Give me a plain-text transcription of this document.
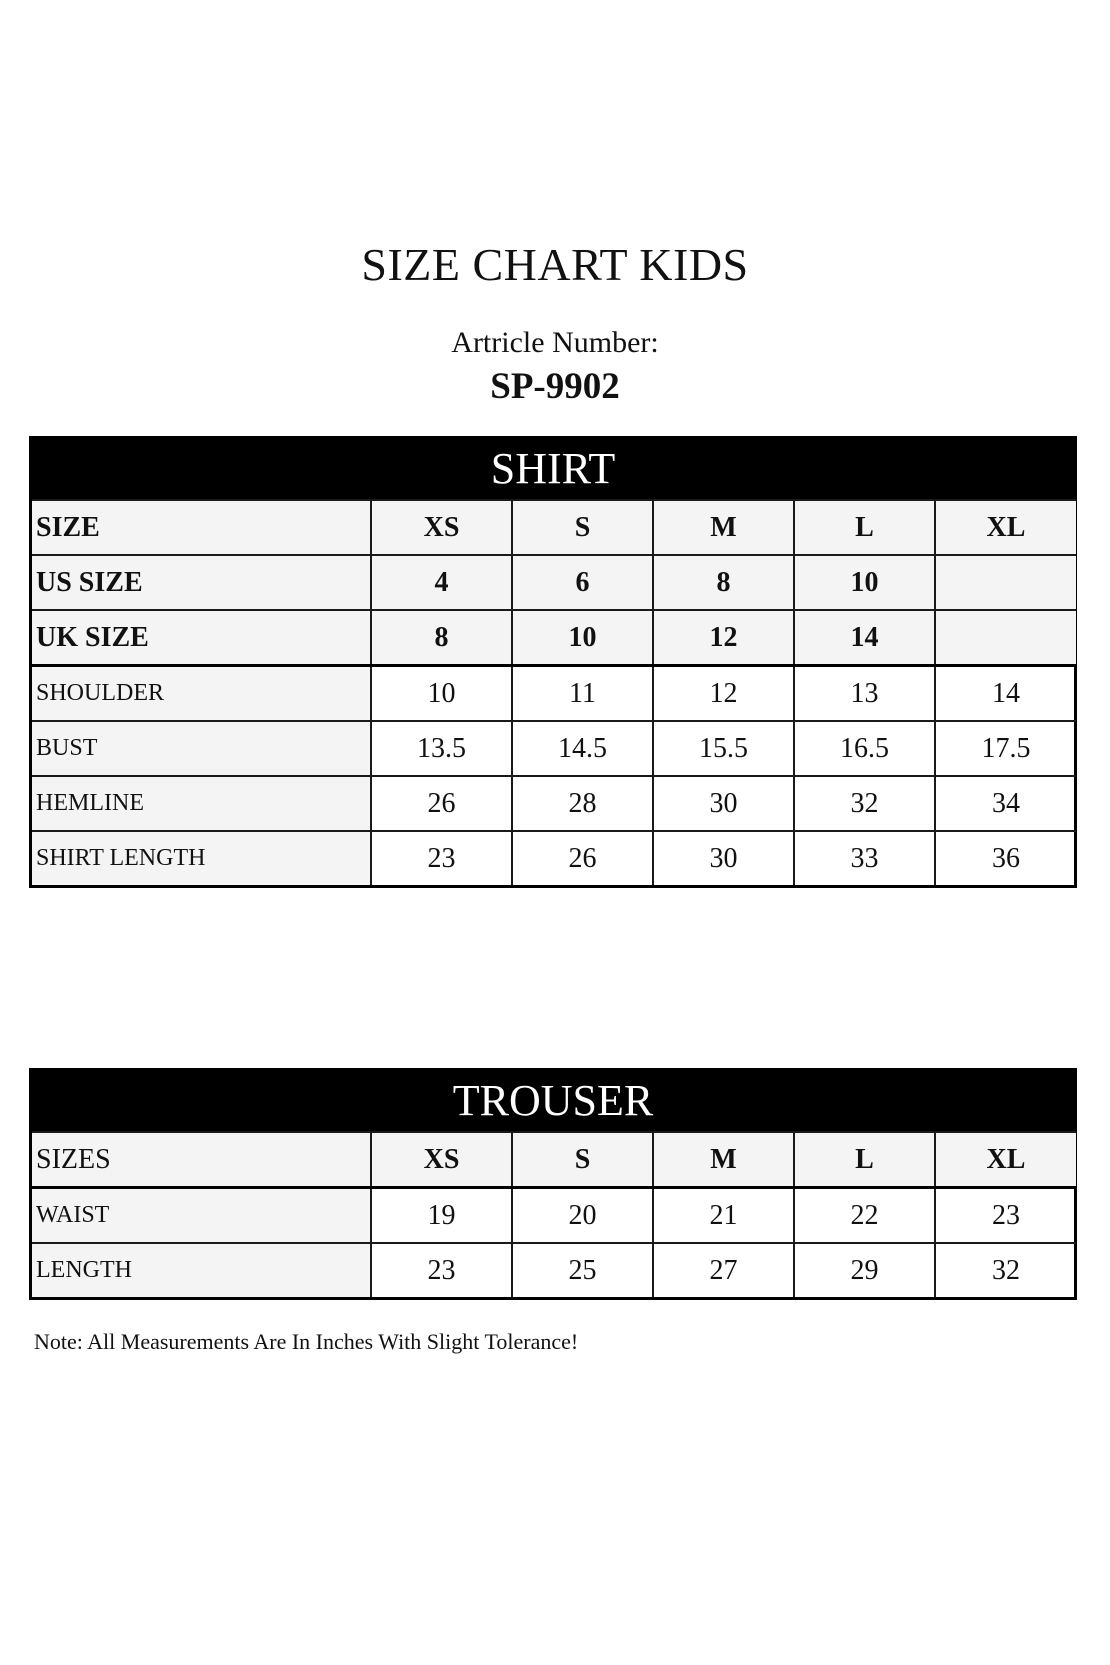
SIZE CHART KIDS
Artricle Number:
SP-9902
SHIRT
SIZE	XS	S	M	L	XL
US SIZE	4	6	8	10	
UK SIZE	8	10	12	14	
SHOULDER	10	11	12	13	14
BUST	13.5	14.5	15.5	16.5	17.5
HEMLINE	26	28	30	32	34
SHIRT LENGTH	23	26	30	33	36
TROUSER
SIZES	XS	S	M	L	XL
WAIST	19	20	21	22	23
LENGTH	23	25	27	29	32
Note: All Measurements Are In Inches With Slight Tolerance!
